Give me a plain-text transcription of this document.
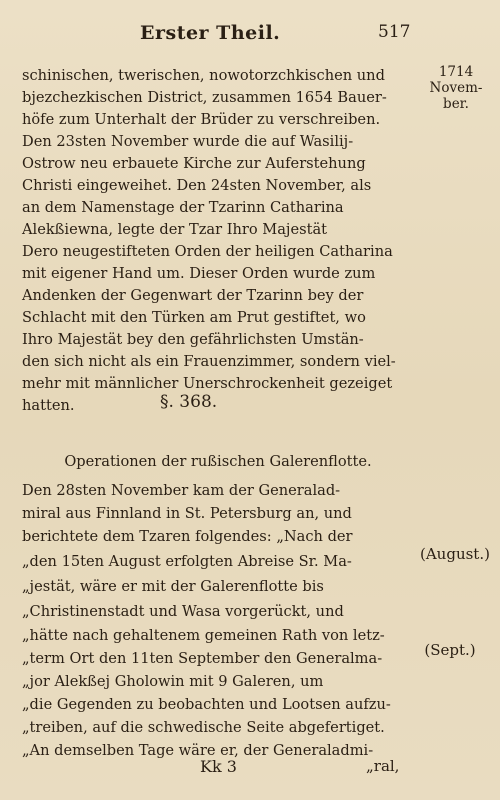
Erster Theil.	517
1714
Novem-
ber.
(August.)
(Sept.)
schinischen, twerischen, nowotorzchkischen und
bjezchezkischen District, zusammen 1654 Bauer-
höfe zum Unterhalt der Brüder zu verschreiben.
Den 23sten November wurde die auf Wasilij-
Ostrow neu erbauete Kirche zur Auferstehung
Christi eingeweihet. Den 24sten November, als
an dem Namenstage der Tzarinn Catharina
Alekßiewna, legte der Tzar Ihro Majestät
Dero neugestifteten Orden der heiligen Catharina
mit eigener Hand um. Dieser Orden wurde zum
Andenken der Gegenwart der Tzarinn bey der
Schlacht mit den Türken am Prut gestiftet, wo
Ihro Majestät bey den gefährlichsten Umstän-
den sich nicht als ein Frauenzimmer, sondern viel-
mehr mit männlicher Unerschrockenheit gezeiget
hatten.	§. 368.
Operationen der rußischen Galerenflotte.
Den 28sten November kam der Generalad-
miral aus Finnland in St. Petersburg an, und
berichtete dem Tzaren folgendes: „Nach der
„den 15ten August erfolgten Abreise Sr. Ma-
„jestät, wäre er mit der Galerenflotte bis
„Christinenstadt und Wasa vorgerückt, und
„hätte nach gehaltenem gemeinen Rath von letz-
„term Ort den 11ten September den Generalma-
„jor Alekßej Gholowin mit 9 Galeren, um
„die Gegenden zu beobachten und Lootsen aufzu-
„treiben, auf die schwedische Seite abgefertiget.
„An demselben Tage wäre er, der Generaladmi-
Kk 3	„ral,
